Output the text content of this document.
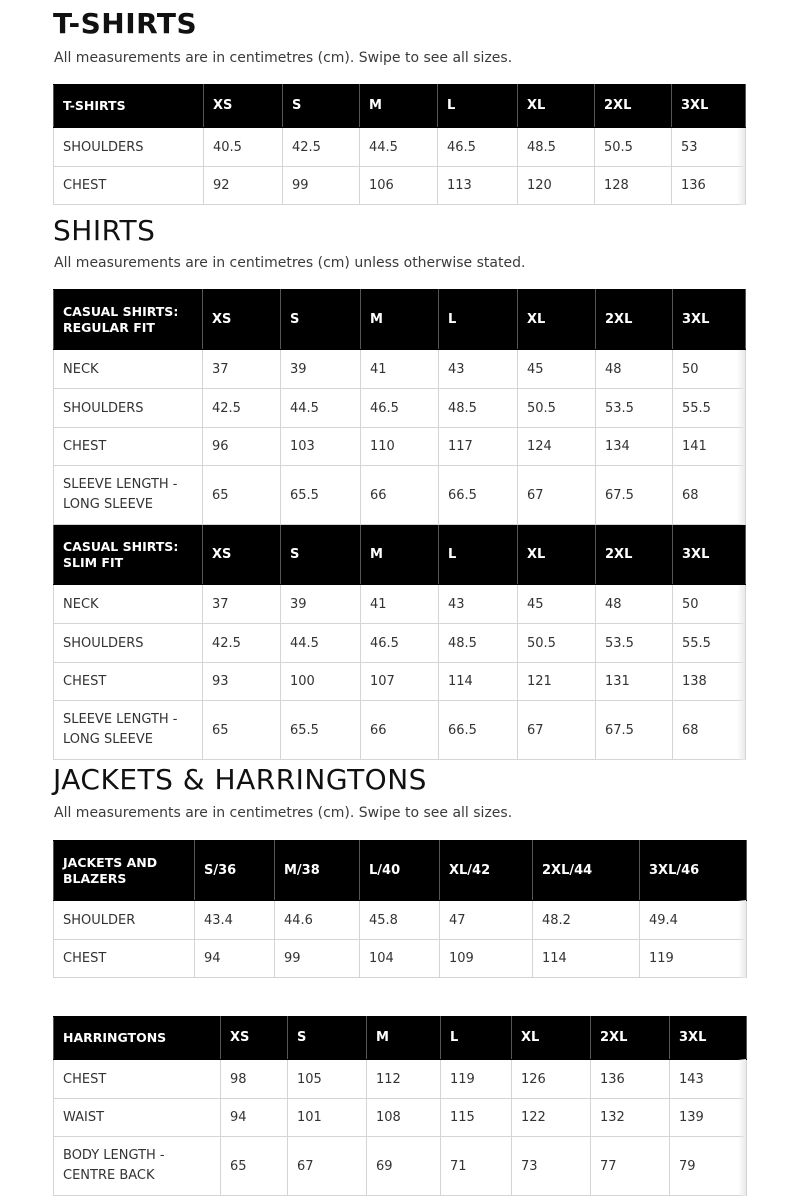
T-SHIRTS

All measurements are in centimetres (cm). Swipe to see all sizes.

T-SHIRTS	XS	S	M	L	XL	2XL	3XL
SHOULDERS	40.5	42.5	44.5	46.5	48.5	50.5	53
CHEST	92	99	106	113	120	128	136
SHIRTS

All measurements are in centimetres (cm) unless otherwise stated.

CASUAL SHIRTS: REGULAR FIT	XS	S	M	L	XL	2XL	3XL
NECK	37	39	41	43	45	48	50
SHOULDERS	42.5	44.5	46.5	48.5	50.5	53.5	55.5
CHEST	96	103	110	117	124	134	141
SLEEVE LENGTH - LONG SLEEVE	65	65.5	66	66.5	67	67.5	68
CASUAL SHIRTS: SLIM FIT	XS	S	M	L	XL	2XL	3XL
NECK	37	39	41	43	45	48	50
SHOULDERS	42.5	44.5	46.5	48.5	50.5	53.5	55.5
CHEST	93	100	107	114	121	131	138
SLEEVE LENGTH - LONG SLEEVE	65	65.5	66	66.5	67	67.5	68
JACKETS & HARRINGTONS

All measurements are in centimetres (cm). Swipe to see all sizes.

JACKETS AND BLAZERS	S/36	M/38	L/40	XL/42	2XL/44	3XL/46
SHOULDER	43.4	44.6	45.8	47	48.2	49.4
CHEST	94	99	104	109	114	119
HARRINGTONS	XS	S	M	L	XL	2XL	3XL
CHEST	98	105	112	119	126	136	143
WAIST	94	101	108	115	122	132	139
BODY LENGTH - CENTRE BACK	65	67	69	71	73	77	79
